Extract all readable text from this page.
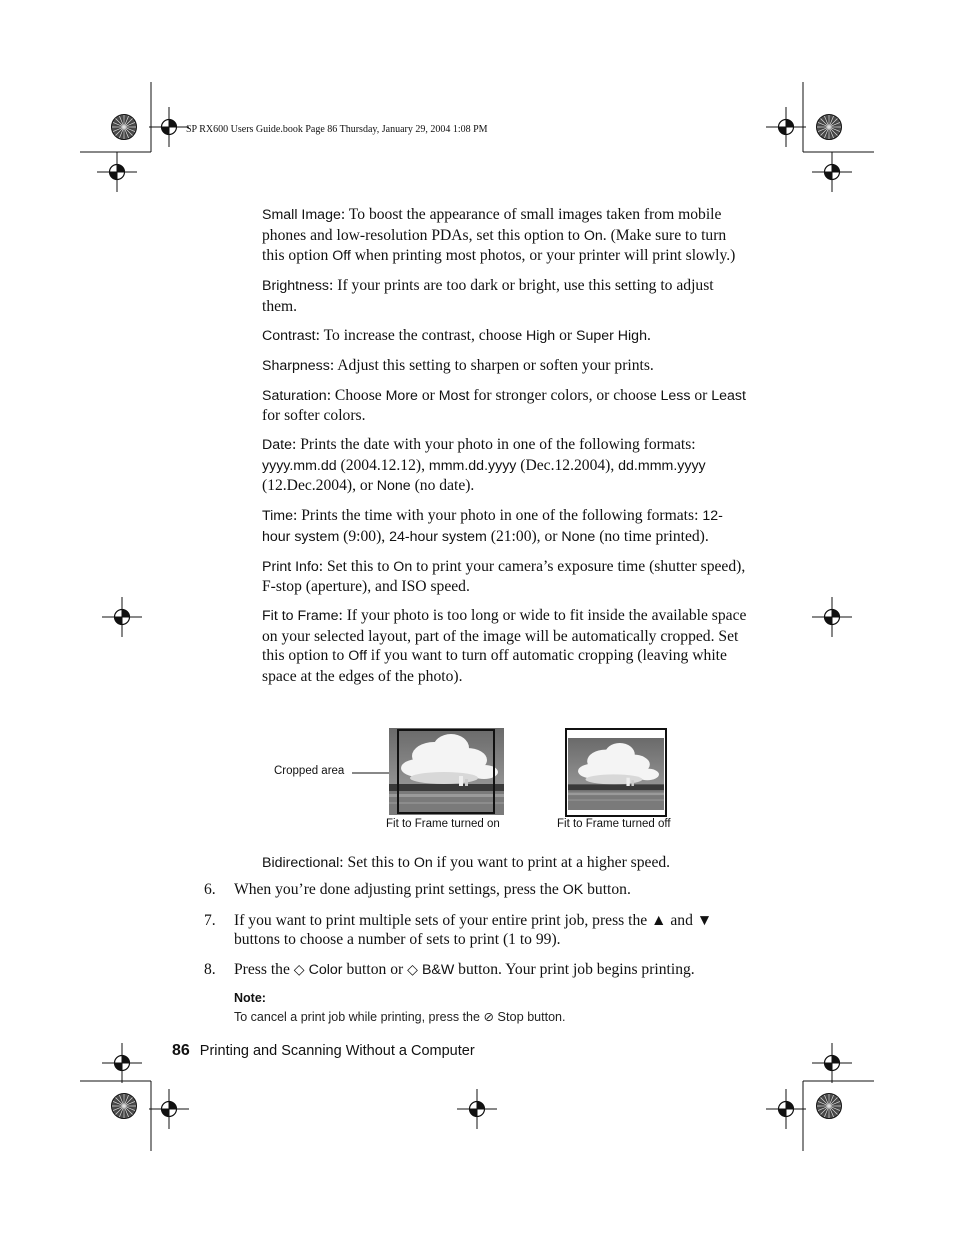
SP RX600 Users Guide.book Page 86 Thursday, January 29, 2004 1:08 PM

Small Image: To boost the appearance of small images taken from mobile phones and low-resolution PDAs, set this option to On. (Make sure to turn this option Off when printing most photos, or your printer will print slowly.)

Brightness: If your prints are too dark or bright, use this setting to adjust them.

Contrast: To increase the contrast, choose High or Super High.

Sharpness: Adjust this setting to sharpen or soften your prints.

Saturation: Choose More or Most for stronger colors, or choose Less or Least for softer colors.

Date: Prints the date with your photo in one of the following formats: yyyy.mm.dd (2004.12.12), mmm.dd.yyyy (Dec.12.2004), dd.mmm.yyyy (12.Dec.2004), or None (no date).

Time: Prints the time with your photo in one of the following formats: 12-hour system (9:00), 24-hour system (21:00), or None (no time printed).

Print Info: Set this to On to print your camera’s exposure time (shutter speed), F-stop (aperture), and ISO speed.

Fit to Frame: If your photo is too long or wide to fit inside the available space on your selected layout, part of the image will be automatically cropped. Set this option to Off if you want to turn off automatic cropping (leaving white space at the edges of the photo).

Cropped area
Fit to Frame turned on	Fit to Frame turned off

Bidirectional: Set this to On if you want to print at a higher speed.

6.	When you’re done adjusting print settings, press the OK button.
7.	If you want to print multiple sets of your entire print job, press the ▲ and ▼ buttons to choose a number of sets to print (1 to 99).
8.	Press the ◇ Color button or ◇ B&W button. Your print job begins printing.
Note:
To cancel a print job while printing, press the ⊘ Stop button.
86 Printing and Scanning Without a Computer
